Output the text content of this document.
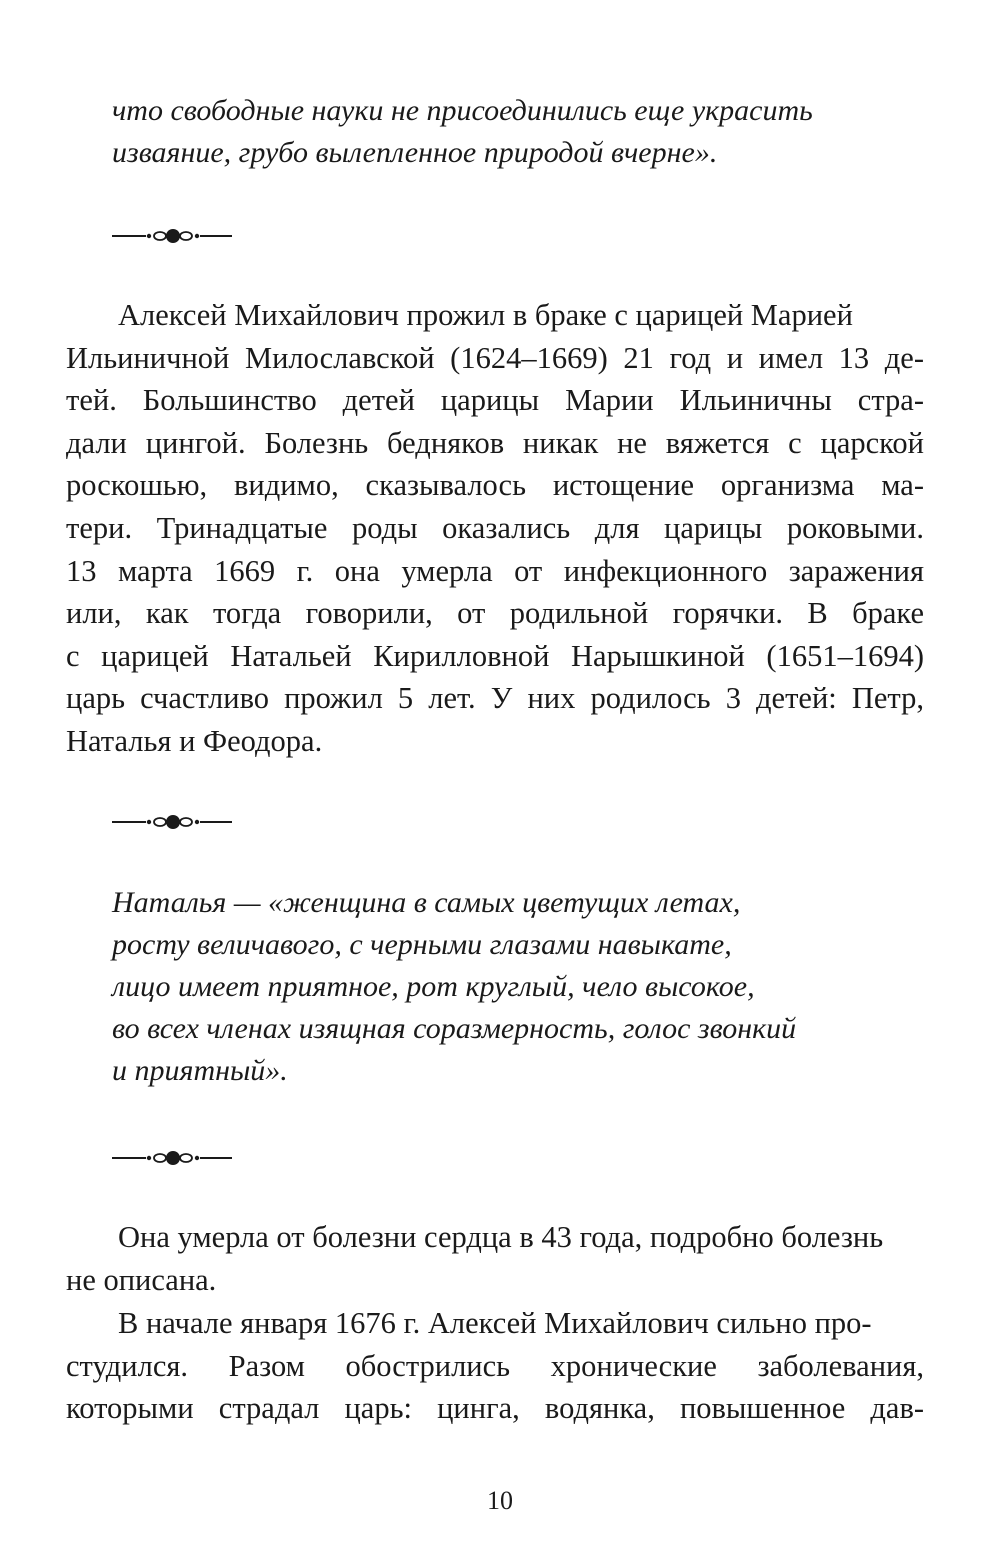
что свободные науки не присоединились еще украсить
изваяние, грубо вылепленное природой вчерне».
Алексей Михайлович прожил в браке с царицей Марией
Ильиничной Милославской (1624–1669) 21 год и имел 13 де-
тей. Большинство детей царицы Марии Ильиничны стра-
дали цингой. Болезнь бедняков никак не вяжется с царской
роскошью, видимо, сказывалось истощение организма ма-
тери. Тринадцатые роды оказались для царицы роковыми.
13 марта 1669 г. она умерла от инфекционного заражения
или, как тогда говорили, от родильной горячки. В браке
с царицей Натальей Кирилловной Нарышкиной (1651–1694)
царь счастливо прожил 5 лет. У них родилось 3 детей: Петр,
Наталья и Феодора.
Наталья — «женщина в самых цветущих летах,
росту величавого, с черными глазами навыкате,
лицо имеет приятное, рот круглый, чело высокое,
во всех членах изящная соразмерность, голос звонкий
и приятный».
Она умерла от болезни сердца в 43 года, подробно болезнь
не описана.
В начале января 1676 г. Алексей Михайлович сильно про-
студился. Разом обострились хронические заболевания,
которыми страдал царь: цинга, водянка, повышенное дав-
10
